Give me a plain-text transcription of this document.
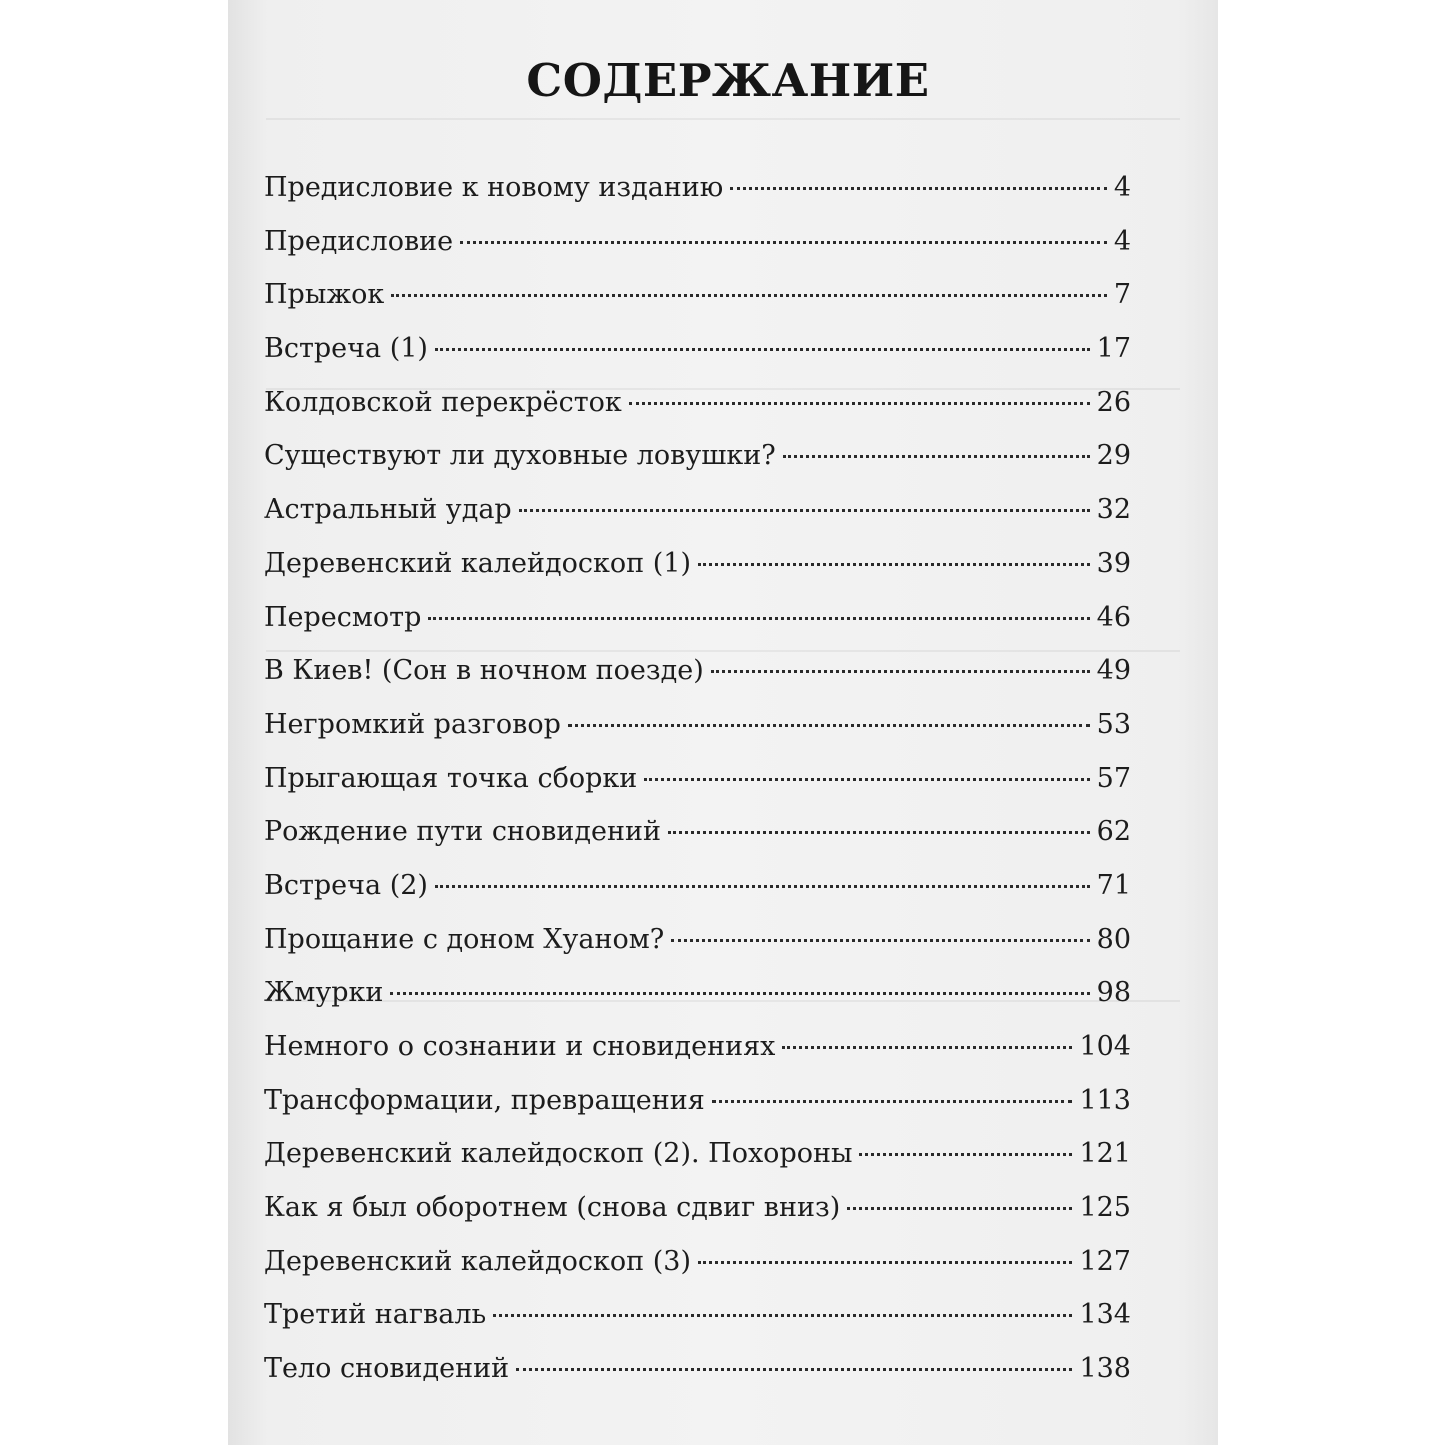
СОДЕРЖАНИЕ
Предисловие к новому изданию	4
Предисловие	4
Прыжок	7
Встреча (1)	17
Колдовской перекрёсток	26
Существуют ли духовные ловушки?	29
Астральный удар	32
Деревенский калейдоскоп (1)	39
Пересмотр	46
В Киев! (Сон в ночном поезде)	49
Негромкий разговор	53
Прыгающая точка сборки	57
Рождение пути сновидений	62
Встреча (2)	71
Прощание с доном Хуаном?	80
Жмурки	98
Немного о сознании и сновидениях	104
Трансформации, превращения	113
Деревенский калейдоскоп (2). Похороны	121
Как я был оборотнем (снова сдвиг вниз)	125
Деревенский калейдоскоп (3)	127
Третий нагваль	134
Тело сновидений	138
